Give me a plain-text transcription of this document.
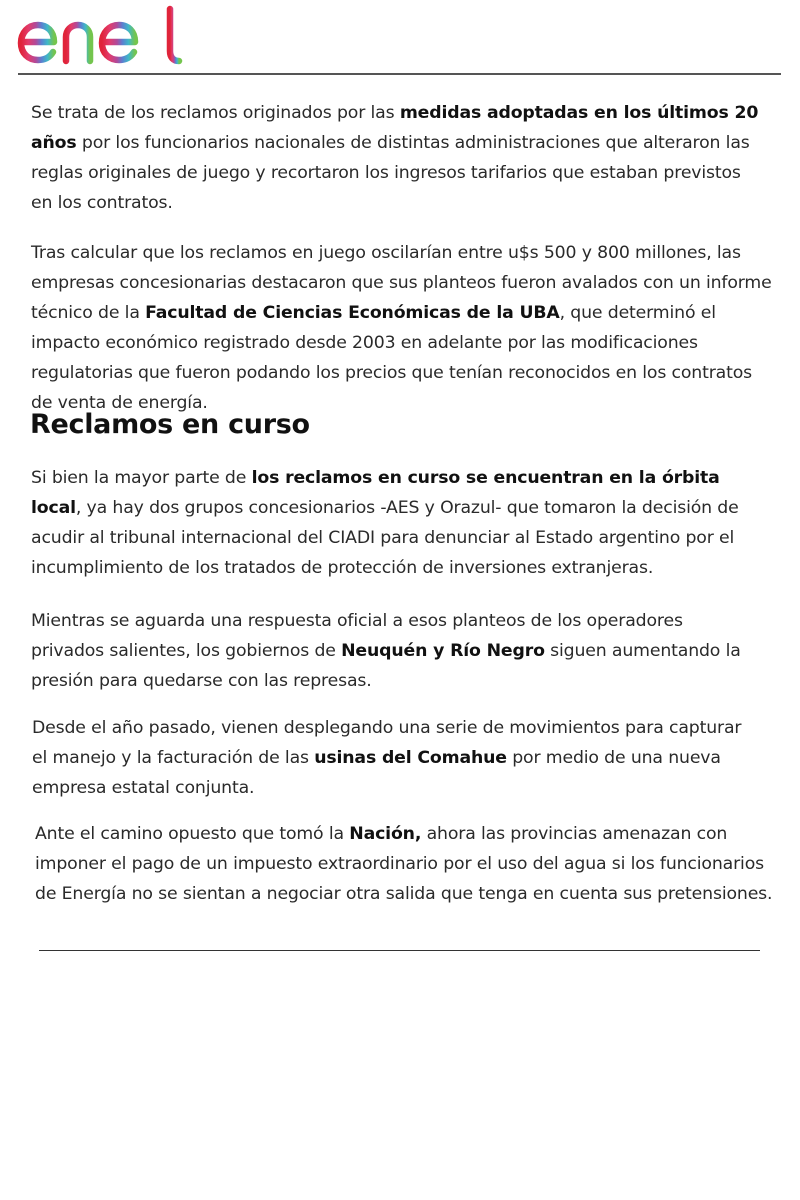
Se trata de los reclamos originados por las medidas adoptadas en los últimos 20 años por los funcionarios nacionales de distintas administraciones que alteraron las reglas originales de juego y recortaron los ingresos tarifarios que estaban previstos en los contratos.

Tras calcular que los reclamos en juego oscilarían entre u$s 500 y 800 millones, las empresas concesionarias destacaron que sus planteos fueron avalados con un informe técnico de la Facultad de Ciencias Económicas de la UBA, que determinó el impacto económico registrado desde 2003 en adelante por las modificaciones regulatorias que fueron podando los precios que tenían reconocidos en los contratos de venta de energía.

Reclamos en curso

Si bien la mayor parte de los reclamos en curso se encuentran en la órbita local, ya hay dos grupos concesionarios -AES y Orazul- que tomaron la decisión de acudir al tribunal internacional del CIADI para denunciar al Estado argentino por el incumplimiento de los tratados de protección de inversiones extranjeras.

Mientras se aguarda una respuesta oficial a esos planteos de los operadores privados salientes, los gobiernos de Neuquén y Río Negro siguen aumentando la presión para quedarse con las represas.

Desde el año pasado, vienen desplegando una serie de movimientos para capturar el manejo y la facturación de las usinas del Comahue por medio de una nueva empresa estatal conjunta.

Ante el camino opuesto que tomó la Nación, ahora las provincias amenazan con imponer el pago de un impuesto extraordinario por el uso del agua si los funcionarios de Energía no se sientan a negociar otra salida que tenga en cuenta sus pretensiones.
